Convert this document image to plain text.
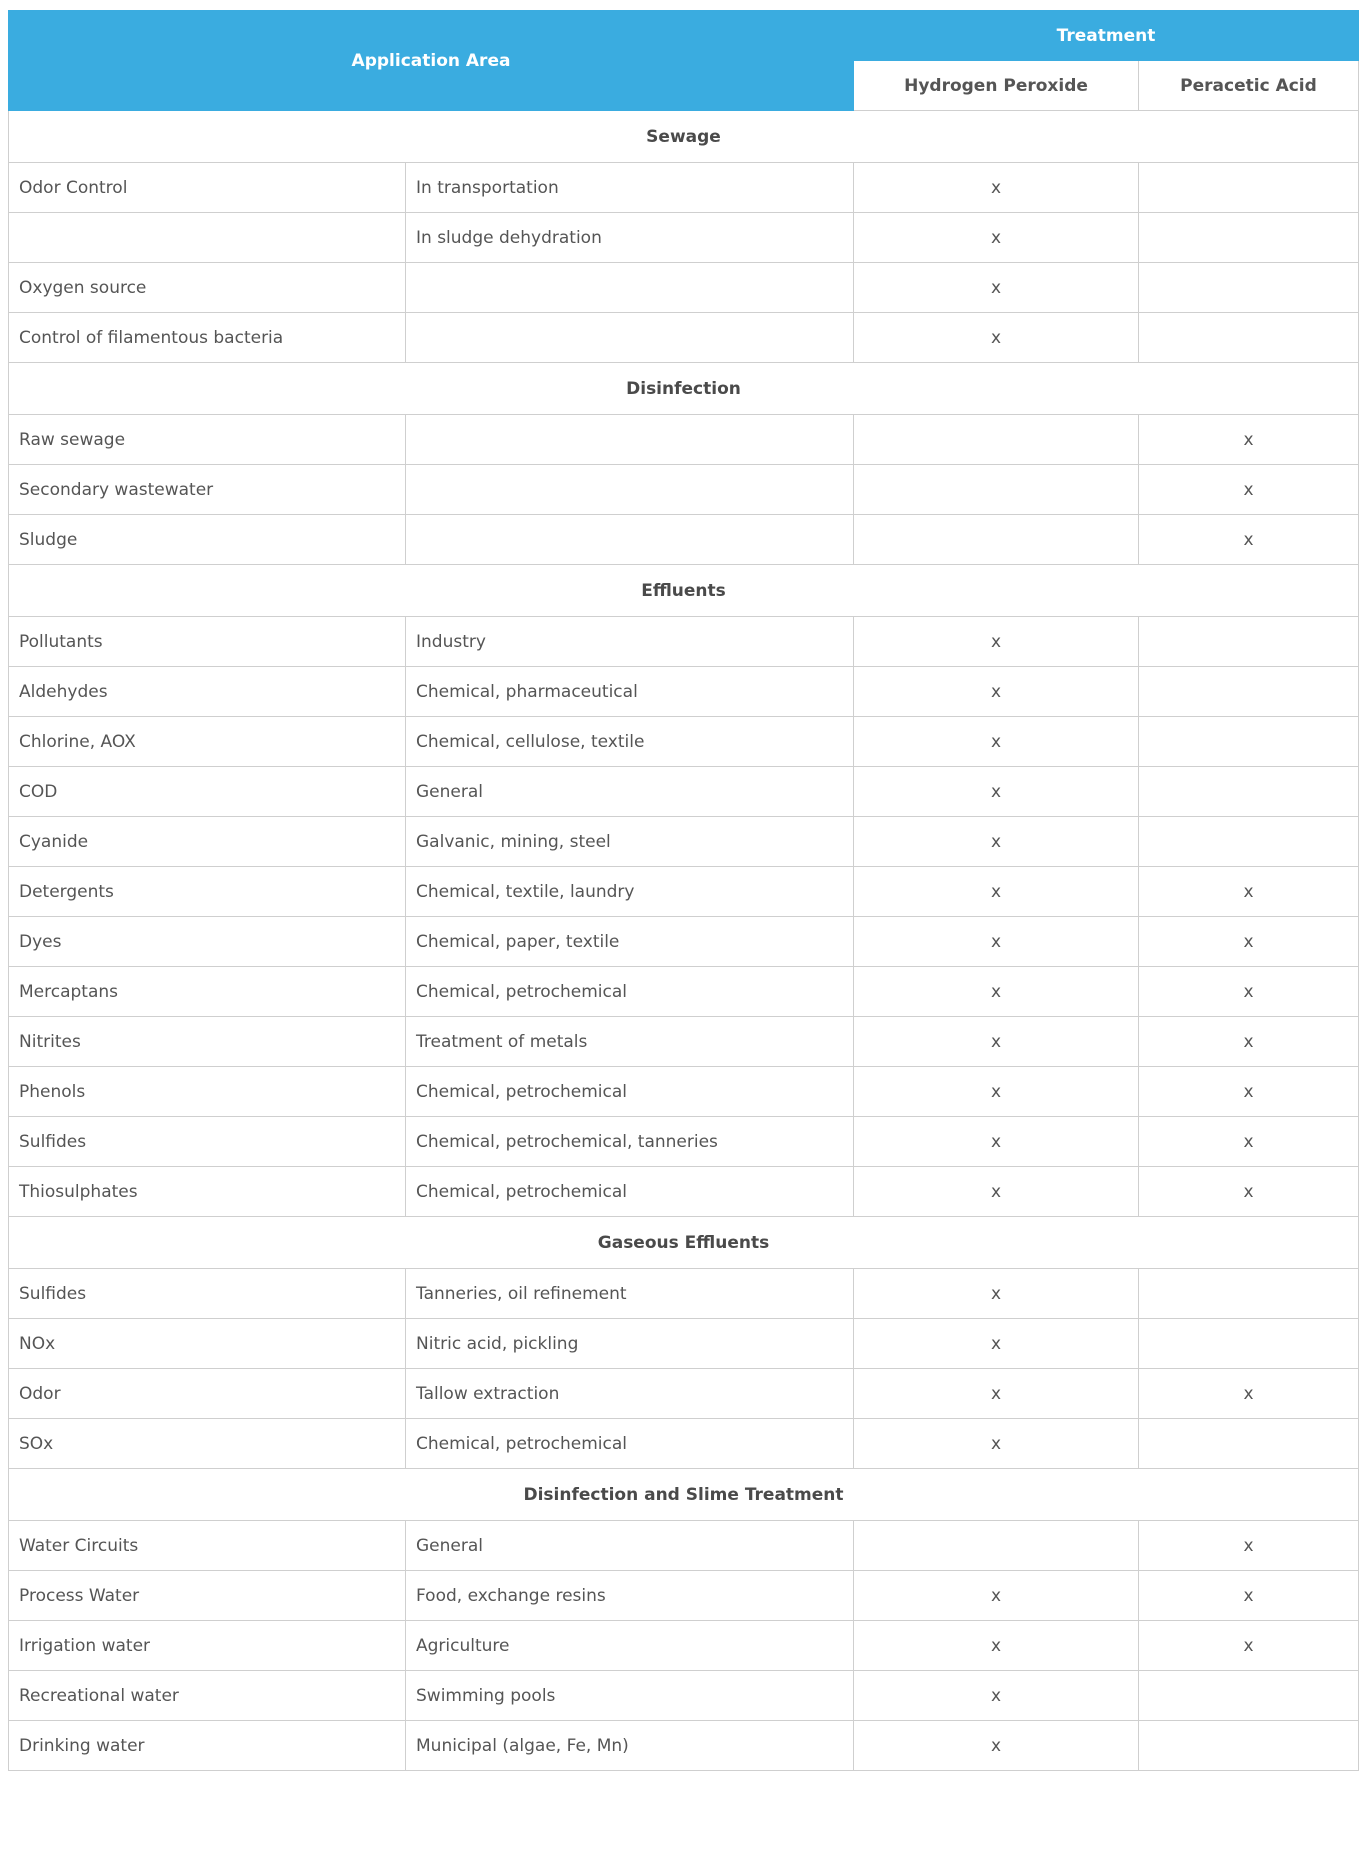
Application Area		Treatment	
		Hydrogen Peroxide	Peracetic Acid
Sewage			
Odor Control	In transportation	x	
	In sludge dehydration	x	
Oxygen source		x	
Control of filamentous bacteria		x	
Disinfection			
Raw sewage			x
Secondary wastewater			x
Sludge			x
Effluents			
Pollutants	Industry	x	
Aldehydes	Chemical, pharmaceutical	x	
Chlorine, AOX	Chemical, cellulose, textile	x	
COD	General	x	
Cyanide	Galvanic, mining, steel	x	
Detergents	Chemical, textile, laundry	x	x
Dyes	Chemical, paper, textile	x	x
Mercaptans	Chemical, petrochemical	x	x
Nitrites	Treatment of metals	x	x
Phenols	Chemical, petrochemical	x	x
Sulfides	Chemical, petrochemical, tanneries	x	x
Thiosulphates	Chemical, petrochemical	x	x
Gaseous Effluents			
Sulfides	Tanneries, oil refinement	x	
NOx	Nitric acid, pickling	x	
Odor	Tallow extraction	x	x
SOx	Chemical, petrochemical	x	
Disinfection and Slime Treatment			
Water Circuits	General		x
Process Water	Food, exchange resins	x	x
Irrigation water	Agriculture	x	x
Recreational water	Swimming pools	x	
Drinking water	Municipal (algae, Fe, Mn)	x	
